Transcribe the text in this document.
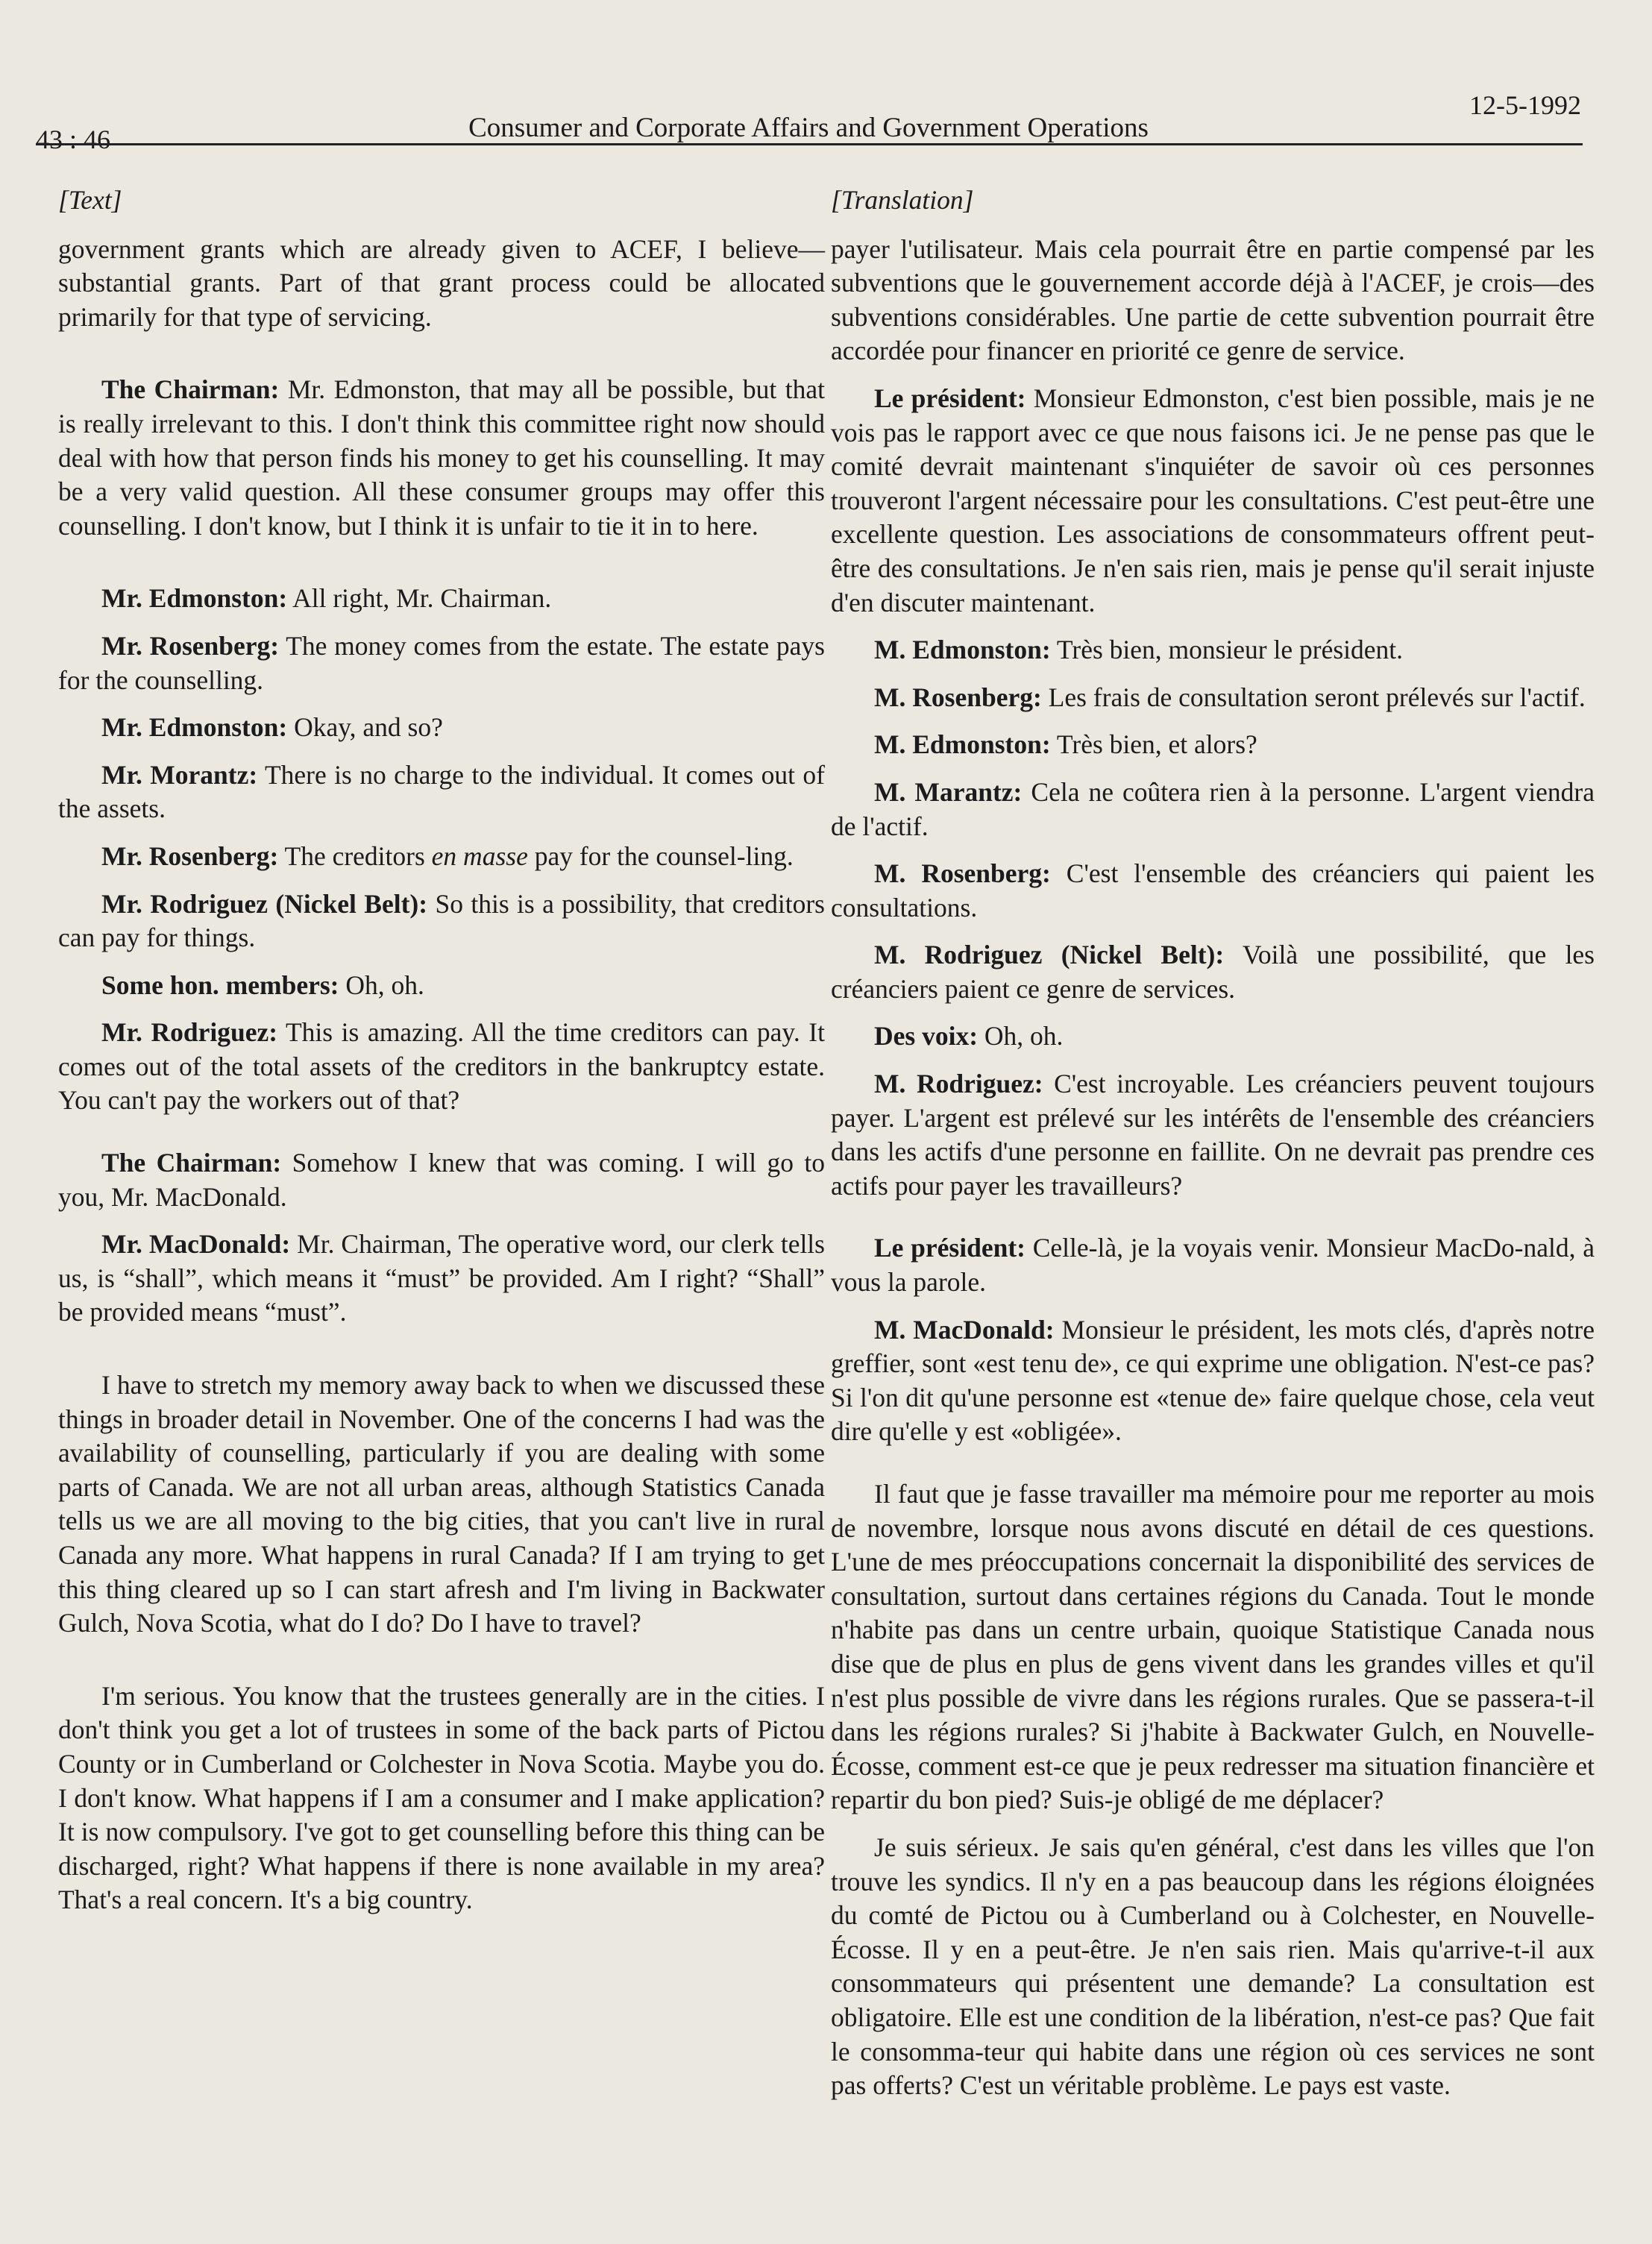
43 : 46	Consumer and Corporate Affairs and Government Operations
12-5-1992

[Text]

government grants which are already given to ACEF, I believe—substantial grants. Part of that grant process could be allocated primarily for that type of servicing.

The Chairman: Mr. Edmonston, that may all be possible, but that is really irrelevant to this. I don't think this committee right now should deal with how that person finds his money to get his counselling. It may be a very valid question. All these consumer groups may offer this counselling. I don't know, but I think it is unfair to tie it in to here.

Mr. Edmonston: All right, Mr. Chairman.

Mr. Rosenberg: The money comes from the estate. The estate pays for the counselling.

Mr. Edmonston: Okay, and so?

Mr. Morantz: There is no charge to the individual. It comes out of the assets.

Mr. Rosenberg: The creditors en masse pay for the counsel-ling.

Mr. Rodriguez (Nickel Belt): So this is a possibility, that creditors can pay for things.

Some hon. members: Oh, oh.

Mr. Rodriguez: This is amazing. All the time creditors can pay. It comes out of the total assets of the creditors in the bankruptcy estate. You can't pay the workers out of that?

The Chairman: Somehow I knew that was coming. I will go to you, Mr. MacDonald.

Mr. MacDonald: Mr. Chairman, The operative word, our clerk tells us, is “shall”, which means it “must” be provided. Am I right? “Shall” be provided means “must”.

I have to stretch my memory away back to when we discussed these things in broader detail in November. One of the concerns I had was the availability of counselling, particularly if you are dealing with some parts of Canada. We are not all urban areas, although Statistics Canada tells us we are all moving to the big cities, that you can't live in rural Canada any more. What happens in rural Canada? If I am trying to get this thing cleared up so I can start afresh and I'm living in Backwater Gulch, Nova Scotia, what do I do? Do I have to travel?

I'm serious. You know that the trustees generally are in the cities. I don't think you get a lot of trustees in some of the back parts of Pictou County or in Cumberland or Colchester in Nova Scotia. Maybe you do. I don't know. What happens if I am a consumer and I make application? It is now compulsory. I've got to get counselling before this thing can be discharged, right? What happens if there is none available in my area? That's a real concern. It's a big country.

[Translation]

payer l'utilisateur. Mais cela pourrait être en partie compensé par les subventions que le gouvernement accorde déjà à l'ACEF, je crois—des subventions considérables. Une partie de cette subvention pourrait être accordée pour financer en priorité ce genre de service.

Le président: Monsieur Edmonston, c'est bien possible, mais je ne vois pas le rapport avec ce que nous faisons ici. Je ne pense pas que le comité devrait maintenant s'inquiéter de savoir où ces personnes trouveront l'argent nécessaire pour les consultations. C'est peut-être une excellente question. Les associations de consommateurs offrent peut-être des consultations. Je n'en sais rien, mais je pense qu'il serait injuste d'en discuter maintenant.

M. Edmonston: Très bien, monsieur le président.

M. Rosenberg: Les frais de consultation seront prélevés sur l'actif.

M. Edmonston: Très bien, et alors?

M. Marantz: Cela ne coûtera rien à la personne. L'argent viendra de l'actif.

M. Rosenberg: C'est l'ensemble des créanciers qui paient les consultations.

M. Rodriguez (Nickel Belt): Voilà une possibilité, que les créanciers paient ce genre de services.

Des voix: Oh, oh.

M. Rodriguez: C'est incroyable. Les créanciers peuvent toujours payer. L'argent est prélevé sur les intérêts de l'ensemble des créanciers dans les actifs d'une personne en faillite. On ne devrait pas prendre ces actifs pour payer les travailleurs?

Le président: Celle-là, je la voyais venir. Monsieur MacDo-nald, à vous la parole.

M. MacDonald: Monsieur le président, les mots clés, d'après notre greffier, sont «est tenu de», ce qui exprime une obligation. N'est-ce pas? Si l'on dit qu'une personne est «tenue de» faire quelque chose, cela veut dire qu'elle y est «obligée».

Il faut que je fasse travailler ma mémoire pour me reporter au mois de novembre, lorsque nous avons discuté en détail de ces questions. L'une de mes préoccupations concernait la disponibilité des services de consultation, surtout dans certaines régions du Canada. Tout le monde n'habite pas dans un centre urbain, quoique Statistique Canada nous dise que de plus en plus de gens vivent dans les grandes villes et qu'il n'est plus possible de vivre dans les régions rurales. Que se passera-t-il dans les régions rurales? Si j'habite à Backwater Gulch, en Nouvelle-Écosse, comment est-ce que je peux redresser ma situation financière et repartir du bon pied? Suis-je obligé de me déplacer?

Je suis sérieux. Je sais qu'en général, c'est dans les villes que l'on trouve les syndics. Il n'y en a pas beaucoup dans les régions éloignées du comté de Pictou ou à Cumberland ou à Colchester, en Nouvelle-Écosse. Il y en a peut-être. Je n'en sais rien. Mais qu'arrive-t-il aux consommateurs qui présentent une demande? La consultation est obligatoire. Elle est une condition de la libération, n'est-ce pas? Que fait le consomma-teur qui habite dans une région où ces services ne sont pas offerts? C'est un véritable problème. Le pays est vaste.
